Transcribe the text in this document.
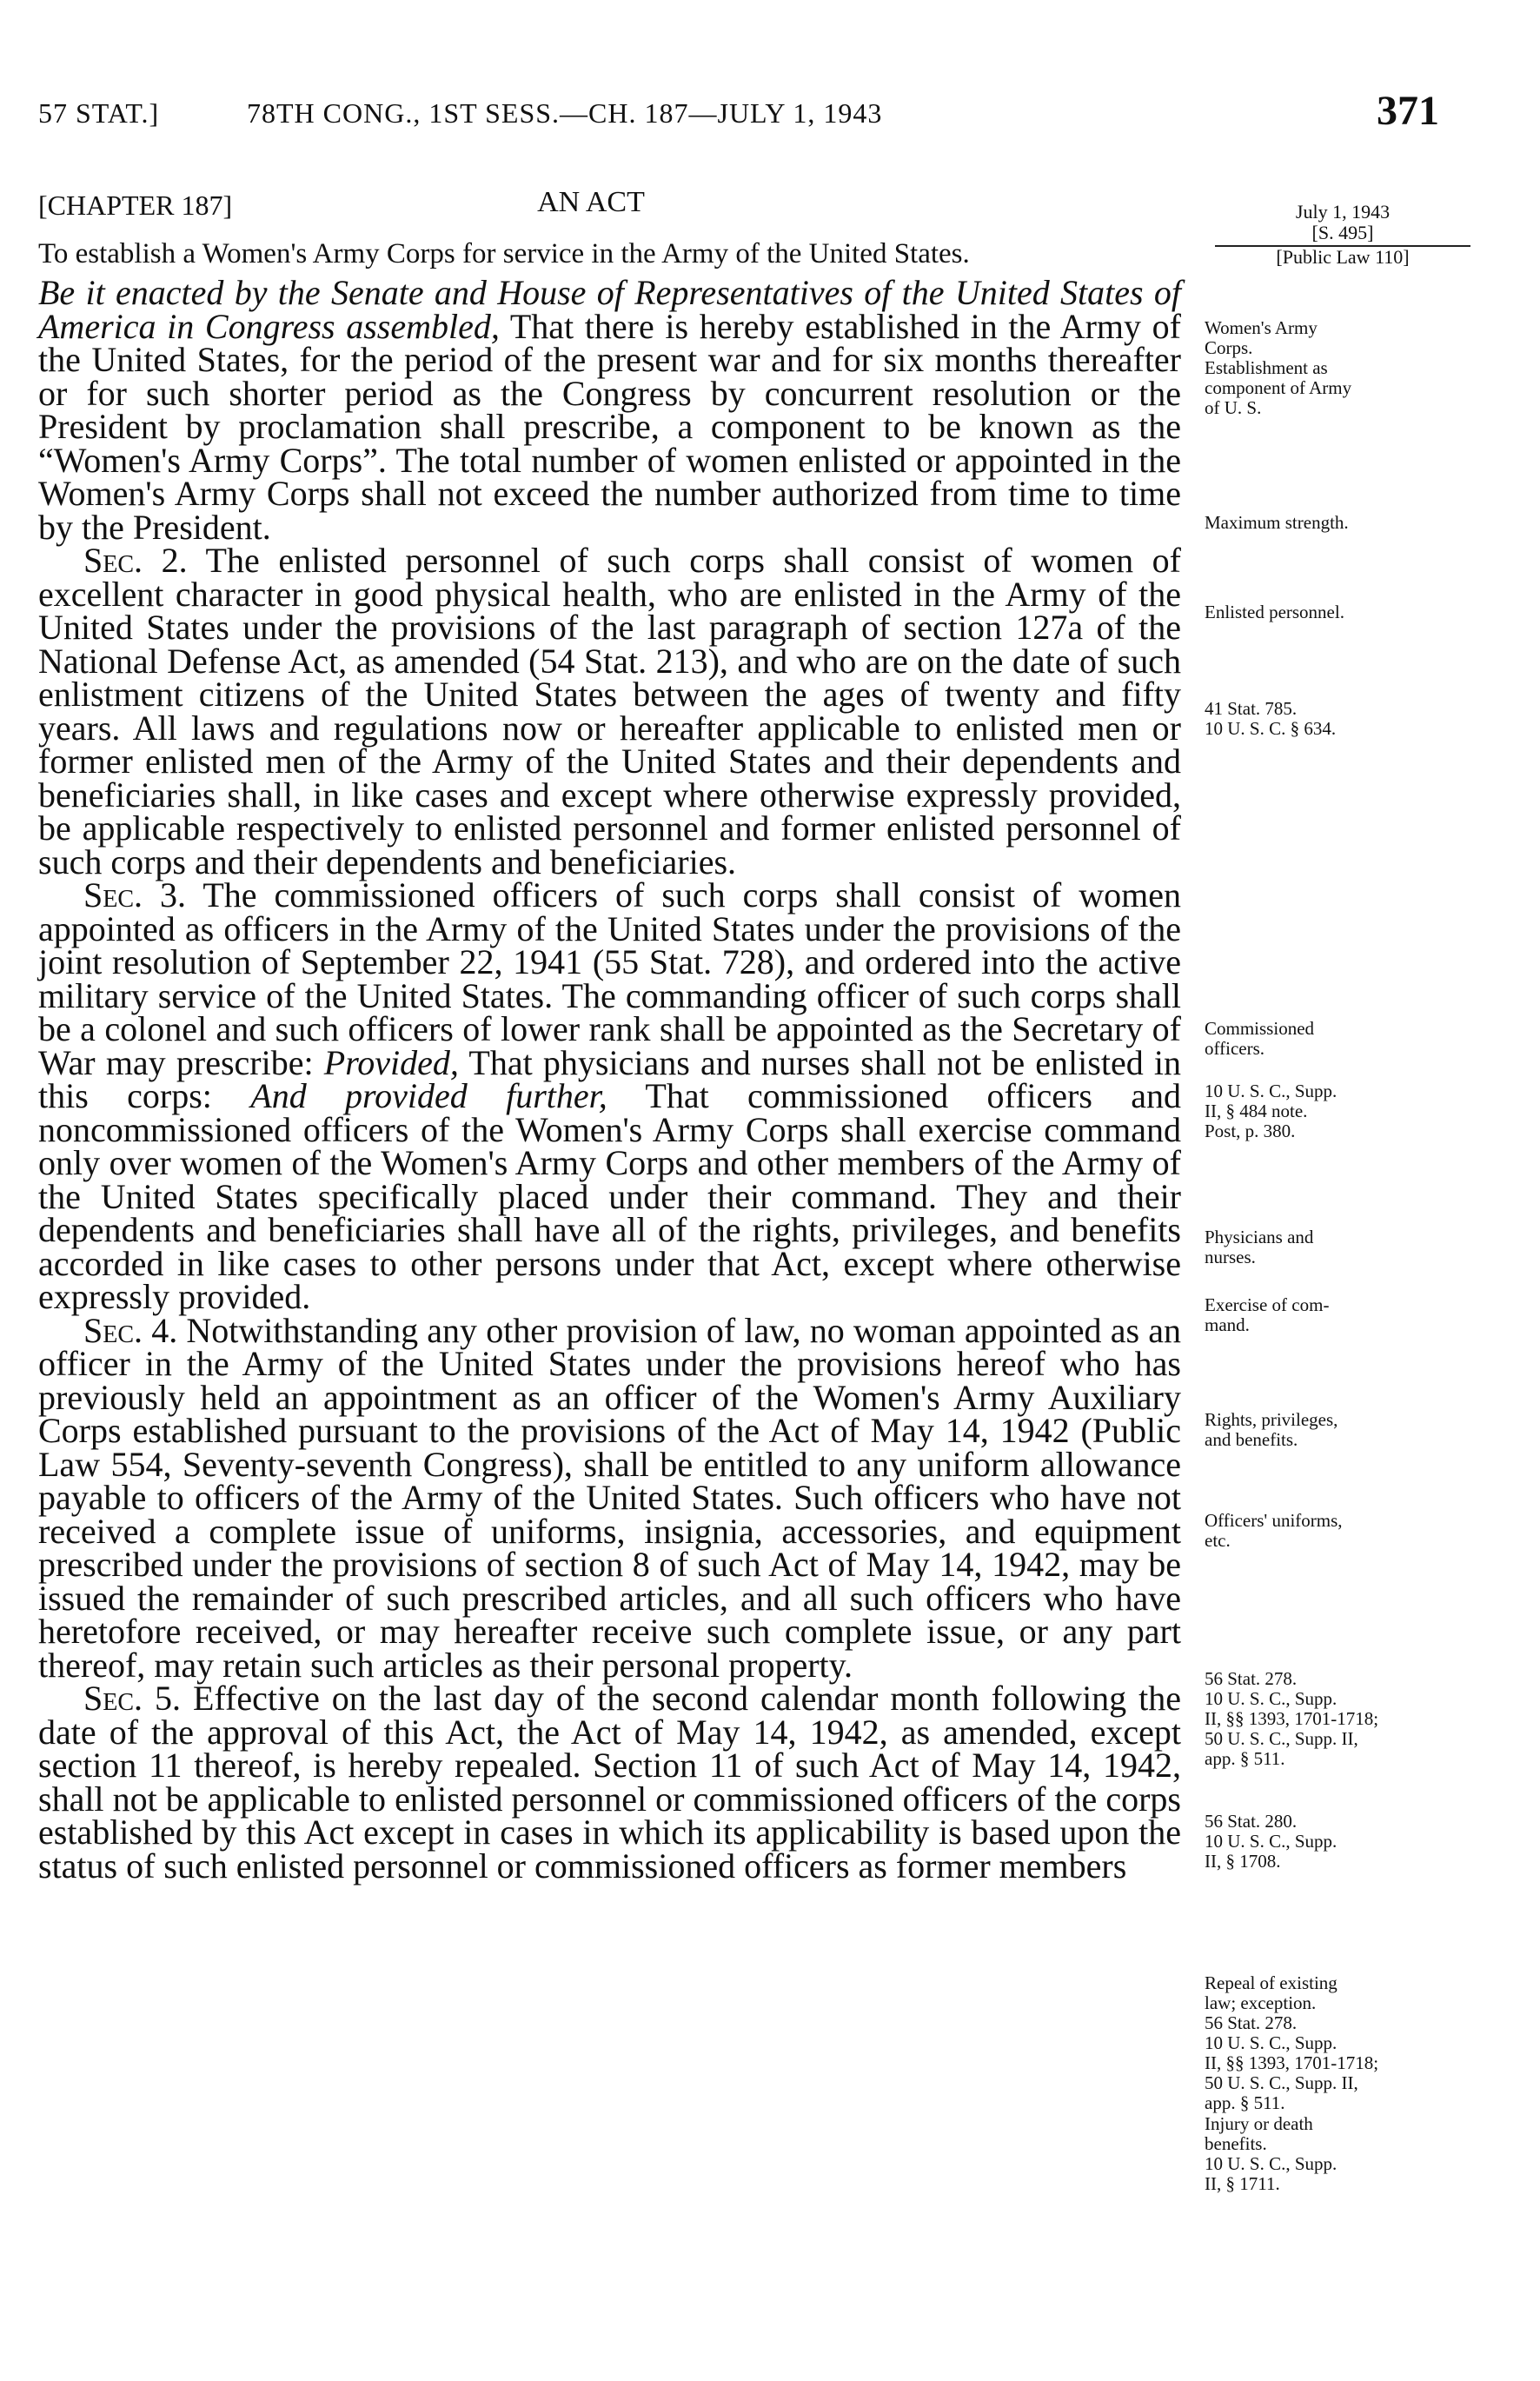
57 STAT.]	78TH CONG., 1ST SESS.—CH. 187—JULY 1, 1943	371
[CHAPTER 187]	AN ACT
To establish a Women's Army Corps for service in the Army of the United States.
July 1, 1943
[S. 495]
[Public Law 110]

Be it enacted by the Senate and House of Representatives of the United States of America in Congress assembled, That there is hereby established in the Army of the United States, for the period of the present war and for six months thereafter or for such shorter period as the Congress by concurrent resolution or the President by proclamation shall prescribe, a component to be known as the “Women's Army Corps”. The total number of women enlisted or appointed in the Women's Army Corps shall not exceed the number authorized from time to time by the President.

Sec. 2. The enlisted personnel of such corps shall consist of women of excellent character in good physical health, who are enlisted in the Army of the United States under the provisions of the last paragraph of section 127a of the National Defense Act, as amended (54 Stat. 213), and who are on the date of such enlistment citizens of the United States between the ages of twenty and fifty years. All laws and regulations now or hereafter applicable to enlisted men or former enlisted men of the Army of the United States and their dependents and beneficiaries shall, in like cases and except where otherwise expressly provided, be applicable respectively to enlisted personnel and former enlisted personnel of such corps and their dependents and beneficiaries.

Sec. 3. The commissioned officers of such corps shall consist of women appointed as officers in the Army of the United States under the provisions of the joint resolution of September 22, 1941 (55 Stat. 728), and ordered into the active military service of the United States. The commanding officer of such corps shall be a colonel and such officers of lower rank shall be appointed as the Secretary of War may prescribe: Provided, That physicians and nurses shall not be enlisted in this corps: And provided further, That commissioned officers and noncommissioned officers of the Women's Army Corps shall exercise command only over women of the Women's Army Corps and other members of the Army of the United States specifically placed under their command. They and their dependents and beneficiaries shall have all of the rights, privileges, and benefits accorded in like cases to other persons under that Act, except where otherwise expressly provided.

Sec. 4. Notwithstanding any other provision of law, no woman appointed as an officer in the Army of the United States under the provisions hereof who has previously held an appointment as an officer of the Women's Army Auxiliary Corps established pursuant to the provisions of the Act of May 14, 1942 (Public Law 554, Seventy-seventh Congress), shall be entitled to any uniform allowance payable to officers of the Army of the United States. Such officers who have not received a complete issue of uniforms, insignia, accessories, and equipment prescribed under the provisions of section 8 of such Act of May 14, 1942, may be issued the remainder of such prescribed articles, and all such officers who have heretofore received, or may hereafter receive such complete issue, or any part thereof, may retain such articles as their personal property.

Sec. 5. Effective on the last day of the second calendar month following the date of the approval of this Act, the Act of May 14, 1942, as amended, except section 11 thereof, is hereby repealed. Section 11 of such Act of May 14, 1942, shall not be applicable to enlisted personnel or commissioned officers of the corps established by this Act except in cases in which its applicability is based upon the status of such enlisted personnel or commissioned officers as former members

Women's Army
Corps.
Establishment as
component of Army
of U. S.
Maximum strength.
Enlisted personnel.
41 Stat. 785.
10 U. S. C. § 634.
Commissioned
officers.
10 U. S. C., Supp.
II, § 484 note.
Post, p. 380.
Physicians and
nurses.
Exercise of com-
mand.
Rights, privileges,
and benefits.
Officers' uniforms,
etc.
56 Stat. 278.
10 U. S. C., Supp.
II, §§ 1393, 1701-1718;
50 U. S. C., Supp. II,
app. § 511.
56 Stat. 280.
10 U. S. C., Supp.
II, § 1708.
Repeal of existing
law; exception.
56 Stat. 278.
10 U. S. C., Supp.
II, §§ 1393, 1701-1718;
50 U. S. C., Supp. II,
app. § 511.
Injury or death
benefits.
10 U. S. C., Supp.
II, § 1711.
